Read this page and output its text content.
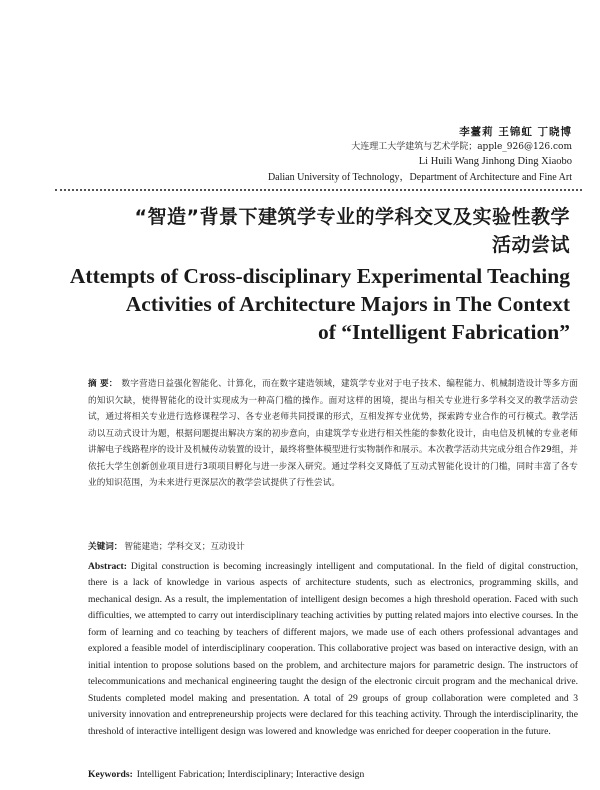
李薹莉 王锦虹 丁晓博
大连理工大学建筑与艺术学院；apple_926@126.com
Li Huili Wang Jinhong Ding Xiaobo
Dalian University of Technology，Department of Architecture and Fine Art
“智造”背景下建筑学专业的学科交叉及实验性教学
活动尝试
Attempts of Cross-disciplinary Experimental Teaching
Activities of Architecture Majors in The Context
of “Intelligent Fabrication”
摘 要： 数字营造日益强化智能化、计算化，而在数字建造领域，建筑学专业对于电子技术、编程能力、机械制造设计等多方面的知识欠缺，使得智能化的设计实现成为一种高门槛的操作。面对这样的困境，提出与相关专业进行多学科交叉的教学活动尝试，通过将相关专业进行选修课程学习、各专业老师共同授课的形式，互相发挥专业优势，探索跨专业合作的可行模式。教学活动以互动式设计为题，根据问题提出解决方案的初步意向，由建筑学专业进行相关性能的参数化设计，由电信及机械的专业老师讲解电子线路程序的设计及机械传动装置的设计，最终将整体模型进行实物制作和展示。本次教学活动共完成分组合作29组，并依托大学生创新创业项目进行3项项目孵化与进一步深入研究。通过学科交叉降低了互动式智能化设计的门槛，同时丰富了各专业的知识范围，为未来进行更深层次的教学尝试提供了行性尝试。
关键词： 智能建造；学科交叉；互动设计
Abstract: Digital construction is becoming increasingly intelligent and computational. In the field of digital construction, there is a lack of knowledge in various aspects of architecture students, such as electronics, programming skills, and mechanical design. As a result, the implementation of intelligent design becomes a high threshold operation. Faced with such difficulties, we attempted to carry out interdisciplinary teaching activities by putting related majors into elective courses. In the form of learning and co teaching by teachers of different majors, we made use of each others professional advantages and explored a feasible model of interdisciplinary cooperation. This collaborative project was based on interactive design, with an initial intention to propose solutions based on the problem, and architecture majors for parametric design. The instructors of telecommunications and mechanical engineering taught the design of the electronic circuit program and the mechanical drive. Students completed model making and presentation. A total of 29 groups of group collaboration were completed and 3 university innovation and entrepreneurship projects were declared for this teaching activity. Through the interdisciplinarity, the threshold of interactive intelligent design was lowered and knowledge was enriched for deeper cooperation in the future.
Keywords: Intelligent Fabrication; Interdisciplinary; Interactive design
